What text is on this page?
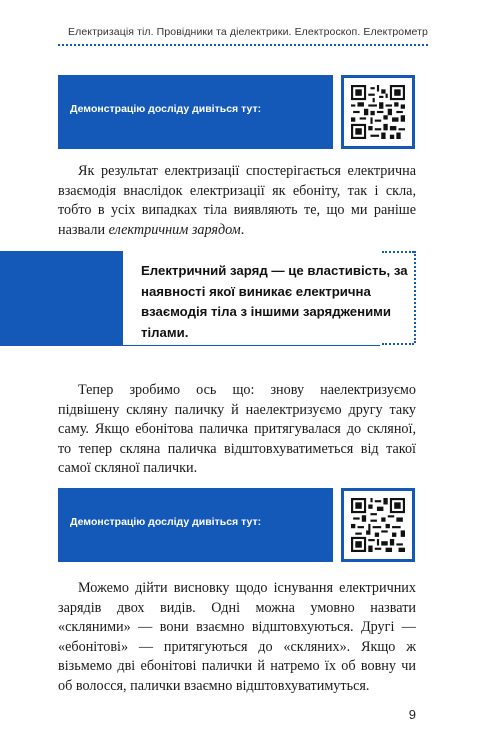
Електризація тіл. Провідники та діелектрики. Електроскоп. Електрометр
Демонстрацію досліду дивіться тут:

Як результат електризації спостерігається електрична взаємодія внаслідок електризації як ебоніту, так і скла, тобто в усіх випадках тіла виявляють те, що ми раніше назвали електричним зарядом.

Електричний заряд — це властивість, за наявності якої виникає електрична взаємодія тіла з іншими зарядженими тілами.

Тепер зробимо ось що: знову наелектризуємо підвішену скляну паличку й наелектризуємо другу таку саму. Якщо ебонітова паличка притягувалася до скляної, то тепер скляна паличка відштовхуватиметься від такої самої скляної палички.

Демонстрацію досліду дивіться тут:

Можемо дійти висновку щодо існування електричних зарядів двох видів. Одні можна умовно назвати «скляними» — вони взаємно відштовхуються. Другі — «ебонітові» — притягуються до «скляних». Якщо ж візьмемо дві ебонітові палички й натремо їх об вовну чи об волосся, палички взаємно відштовхуватимуться.

9
